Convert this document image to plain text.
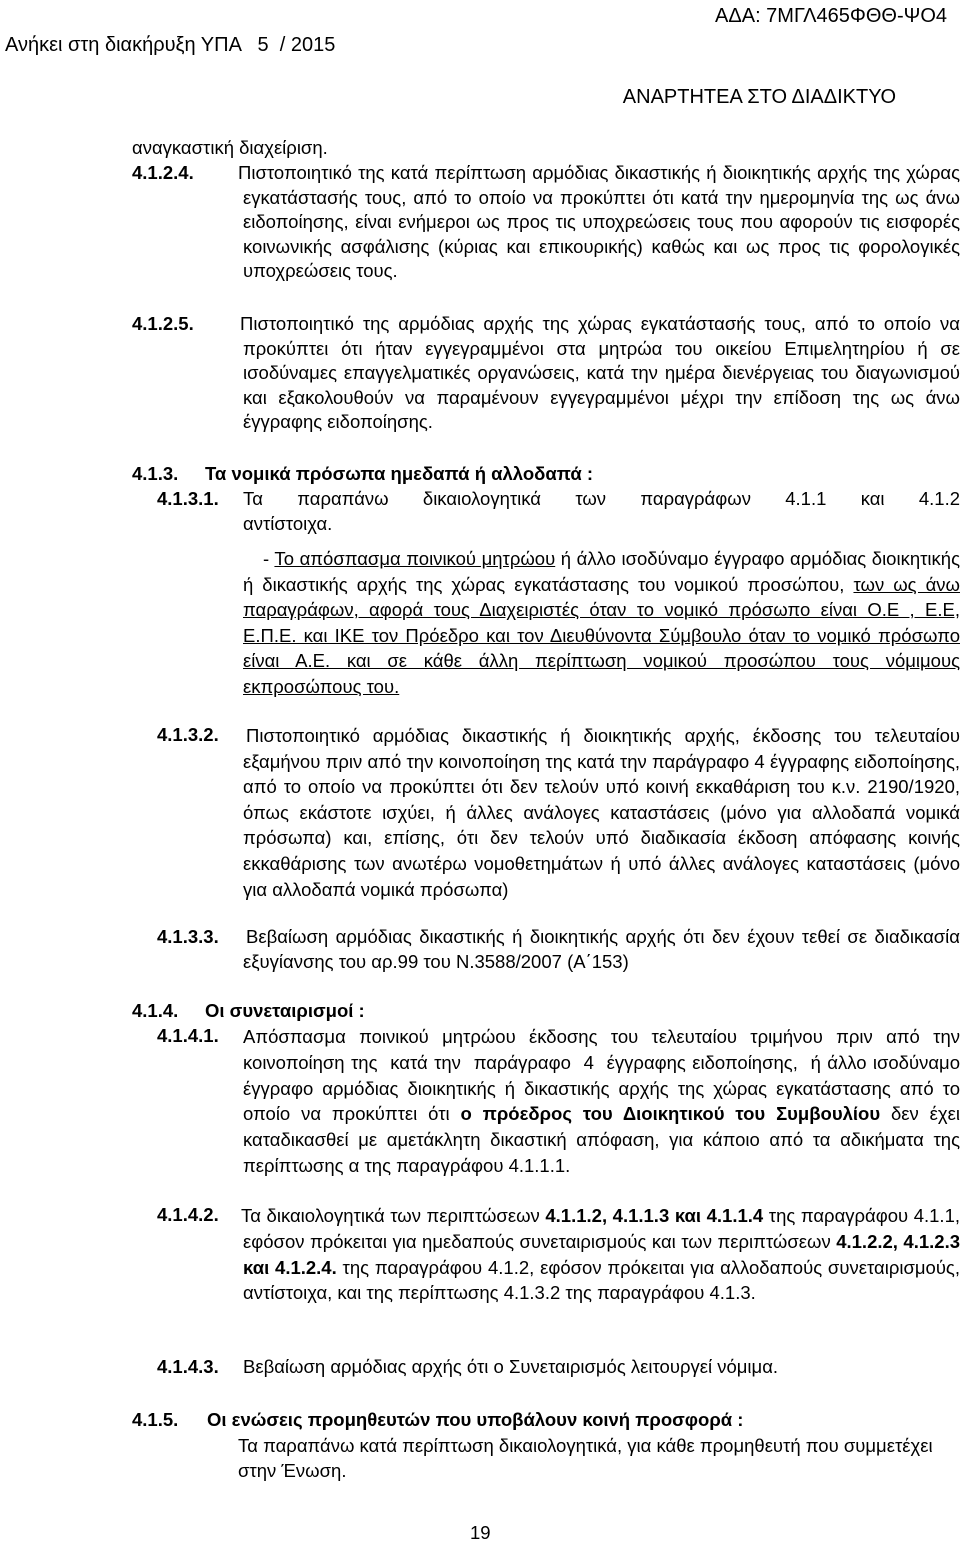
ΑΔΑ: 7ΜΓΛ465ΦΘΘ-ΨΟ4
Ανήκει στη διακήρυξη ΥΠΑ   5  / 2015
ΑΝΑΡΤΗΤΕΑ ΣΤΟ ΔΙΑΔΙΚΤΥΟ
αναγκαστική διαχείριση.
4.1.2.4. Πιστοποιητικό της κατά περίπτωση αρμόδιας δικαστικής ή διοικητικής αρχής της χώρας εγκατάστασής τους, από το οποίο να προκύπτει ότι κατά την ημερομηνία της ως άνω ειδοποίησης, είναι ενήμεροι ως προς τις υποχρεώσεις τους που αφορούν τις εισφορές κοινωνικής ασφάλισης (κύριας και επικουρικής) καθώς και ως προς τις φορολογικές υποχρεώσεις τους.
4.1.2.5.	Πιστοποιητικό της αρμόδιας αρχής της χώρας εγκατάστασής τους, από το οποίο να προκύπτει ότι ήταν εγγεγραμμένοι στα μητρώα του οικείου Επιμελητηρίου ή σε ισοδύναμες επαγγελματικές οργανώσεις, κατά την ημέρα διενέργειας του διαγωνισμού και εξακολουθούν να παραμένουν εγγεγραμμένοι μέχρι την επίδοση της ως άνω έγγραφης ειδοποίησης.
4.1.3. Τα νομικά πρόσωπα ημεδαπά ή αλλοδαπά :
4.1.3.1. Τα παραπάνω δικαιολογητικά των παραγράφων 4.1.1 και 4.1.2
αντίστοιχα.
- Το απόσπασμα ποινικού μητρώου ή άλλο ισοδύναμο έγγραφο αρμόδιας διοικητικής ή δικαστικής αρχής της χώρας εγκατάστασης του νομικού προσώπου, των ως άνω παραγράφων, αφορά τους Διαχειριστές όταν το νομικό πρόσωπο είναι Ο.Ε , Ε.Ε, Ε.Π.Ε. και ΙΚΕ τον Πρόεδρο και τον Διευθύνοντα Σύμβουλο όταν το νομικό πρόσωπο είναι Α.Ε. και σε κάθε άλλη περίπτωση νομικού προσώπου τους νόμιμους εκπροσώπους του.
4.1.3.2. Πιστοποιητικό αρμόδιας δικαστικής ή διοικητικής αρχής, έκδοσης του τελευταίου εξαμήνου πριν από την κοινοποίηση της κατά την παράγραφο 4 έγγραφης ειδοποίησης, από το οποίο να προκύπτει ότι δεν τελούν υπό κοινή εκκαθάριση του κ.ν. 2190/1920, όπως εκάστοτε ισχύει, ή άλλες ανάλογες καταστάσεις (μόνο για αλλοδαπά νομικά πρόσωπα) και, επίσης, ότι δεν τελούν υπό διαδικασία έκδοση απόφασης κοινής εκκαθάρισης των ανωτέρω νομοθετημάτων ή υπό άλλες ανάλογες καταστάσεις (μόνο για αλλοδαπά νομικά πρόσωπα)
4.1.3.3. Βεβαίωση αρμόδιας δικαστικής ή διοικητικής αρχής ότι δεν έχουν τεθεί σε διαδικασία εξυγίανσης του αρ.99 του Ν.3588/2007 (Α΄153)
4.1.4. Οι συνεταιρισμοί :
4.1.4.1. Απόσπασμα ποινικού μητρώου έκδοσης του τελευταίου τριμήνου πριν από την κοινοποίηση της  κατά την  παράγραφο  4  έγγραφης ειδοποίησης,  ή άλλο ισοδύναμο έγγραφο αρμόδιας διοικητικής ή δικαστικής αρχής της χώρας εγκατάστασης από το οποίο να προκύπτει ότι ο πρόεδρος του Διοικητικού του Συμβουλίου δεν έχει καταδικασθεί με αμετάκλητη δικαστική απόφαση, για κάποιο από τα αδικήματα της περίπτωσης α της παραγράφου 4.1.1.1.
4.1.4.2. Τα δικαιολογητικά των περιπτώσεων 4.1.1.2, 4.1.1.3 και 4.1.1.4 της παραγράφου 4.1.1, εφόσον πρόκειται για ημεδαπούς συνεταιρισμούς και των περιπτώσεων 4.1.2.2, 4.1.2.3 και 4.1.2.4. της παραγράφου 4.1.2, εφόσον πρόκειται για αλλοδαπούς συνεταιρισμούς, αντίστοιχα, και της περίπτωσης 4.1.3.2 της παραγράφου 4.1.3.
4.1.4.3. Βεβαίωση αρμόδιας αρχής ότι ο Συνεταιρισμός λειτουργεί νόμιμα.
4.1.5. Οι ενώσεις προμηθευτών που υποβάλουν κοινή προσφορά :
Τα παραπάνω κατά περίπτωση δικαιολογητικά, για κάθε προμηθευτή που συμμετέχει στην Ένωση.
19
